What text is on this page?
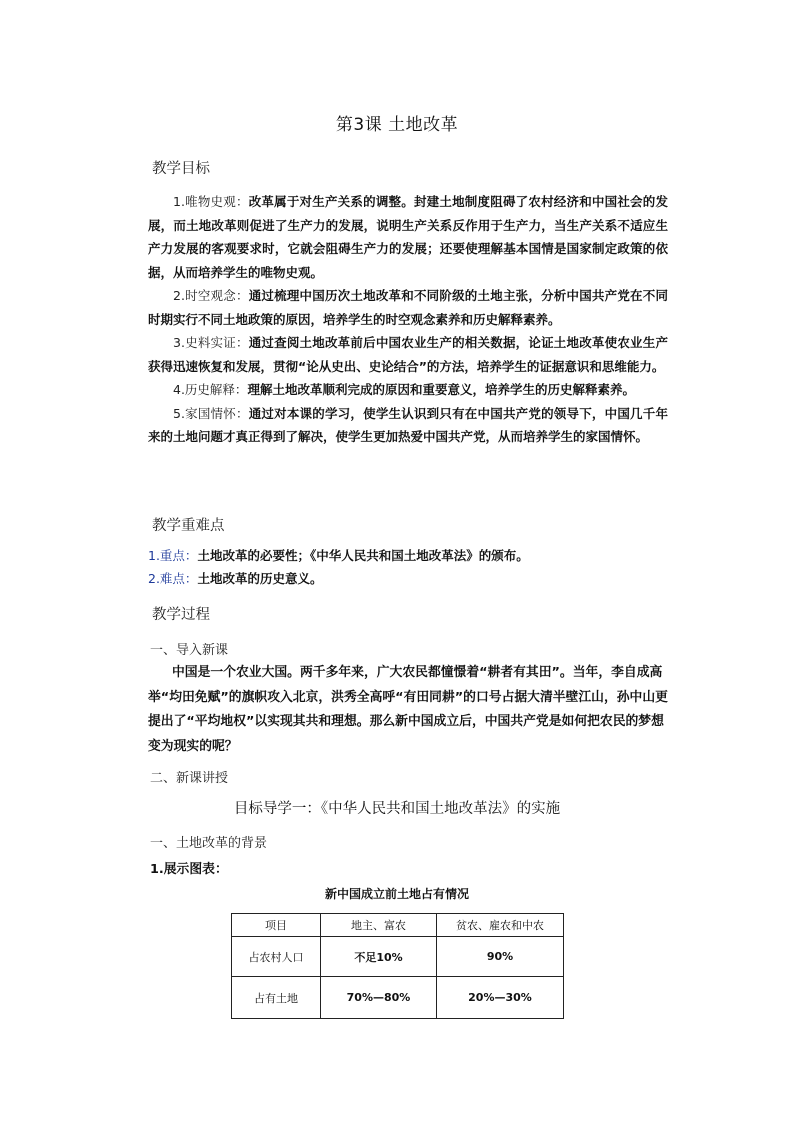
第3课 土地改革
教学目标
1.唯物史观：改革属于对生产关系的调整。封建土地制度阻碍了农村经济和中国社会的发展，而土地改革则促进了生产力的发展，说明生产关系反作用于生产力，当生产关系不适应生产力发展的客观要求时，它就会阻碍生产力的发展；还要使理解基本国情是国家制定政策的依据，从而培养学生的唯物史观。
2.时空观念：通过梳理中国历次土地改革和不同阶级的土地主张，分析中国共产党在不同时期实行不同土地政策的原因，培养学生的时空观念素养和历史解释素养。
3.史料实证：通过查阅土地改革前后中国农业生产的相关数据，论证土地改革使农业生产获得迅速恢复和发展，贯彻“论从史出、史论结合”的方法，培养学生的证据意识和思维能力。
4.历史解释：理解土地改革顺利完成的原因和重要意义，培养学生的历史解释素养。
5.家国情怀：通过对本课的学习，使学生认识到只有在中国共产党的领导下，中国几千年来的土地问题才真正得到了解决，使学生更加热爱中国共产党，从而培养学生的家国情怀。
教学重难点
1.重点：土地改革的必要性；《中华人民共和国土地改革法》的颁布。
2.难点：土地改革的历史意义。
教学过程
一、导入新课
中国是一个农业大国。两千多年来，广大农民都憧憬着“耕者有其田”。当年，李自成高举“均田免赋”的旗帜攻入北京，洪秀全高呼“有田同耕”的口号占据大清半壁江山，孙中山更提出了“平均地权”以实现其共和理想。那么新中国成立后，中国共产党是如何把农民的梦想变为现实的呢？
二、新课讲授
目标导学一：《中华人民共和国土地改革法》的实施
一、土地改革的背景
1.展示图表：
新中国成立前土地占有情况
项目	地主、富农	贫农、雇农和中农
占农村人口	不足10%	90%
占有土地	70%—80%	20%—30%
